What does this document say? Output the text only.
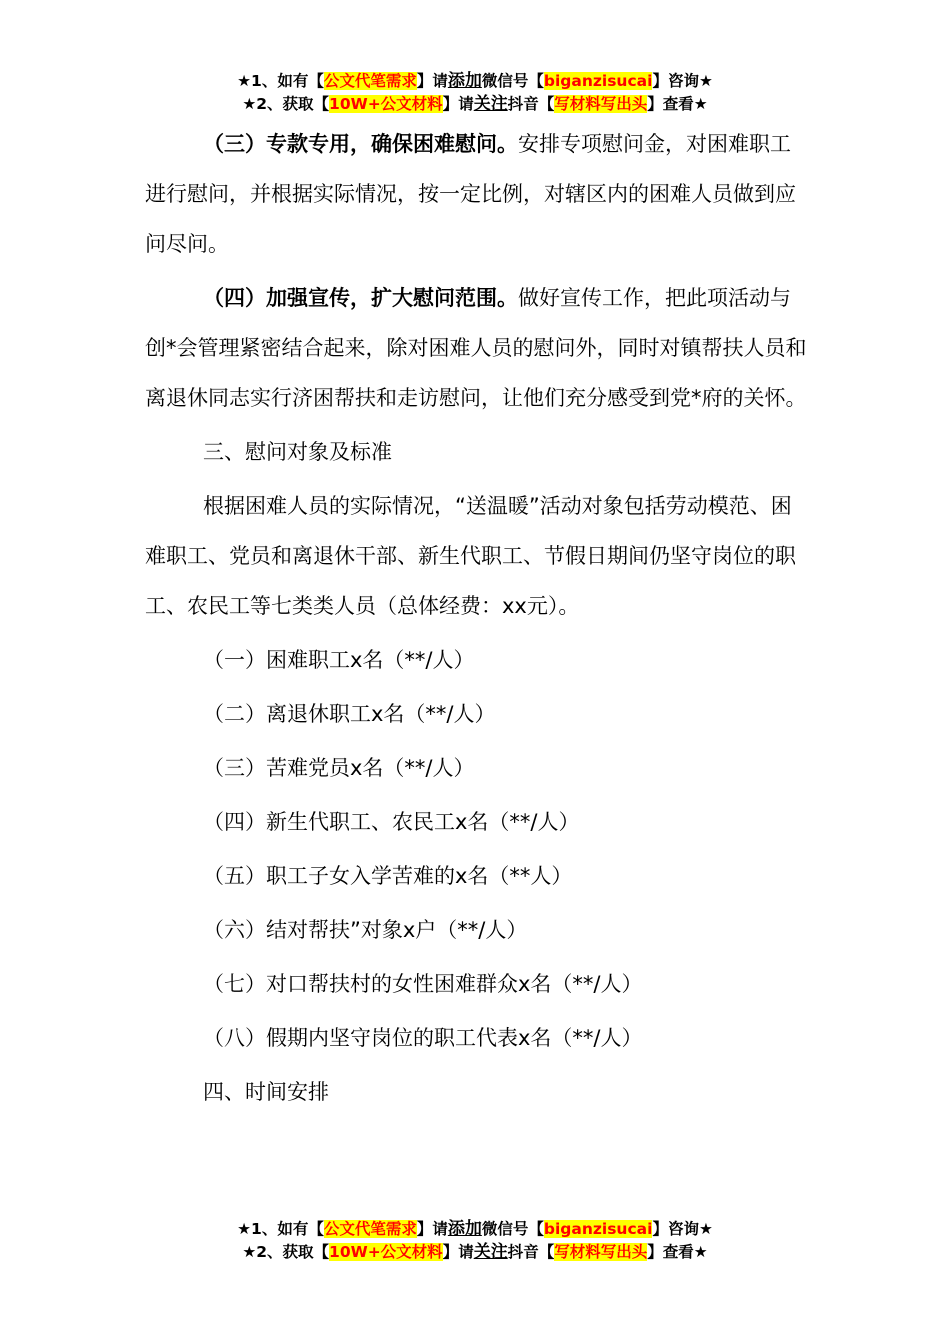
★1、如有【公文代笔需求】请添加微信号【biganzisucai】咨询★
★2、获取【10W+公文材料】请关注抖音【写材料写出头】查看★

（三）专款专用，确保困难慰问。安排专项慰问金，对困难职工进行慰问，并根据实际情况，按一定比例，对辖区内的困难人员做到应问尽问。

（四）加强宣传，扩大慰问范围。做好宣传工作，把此项活动与创*会管理紧密结合起来，除对困难人员的慰问外，同时对镇帮扶人员和离退休同志实行济困帮扶和走访慰问，让他们充分感受到党*府的关怀。

三、慰问对象及标准

根据困难人员的实际情况，“送温暖”活动对象包括劳动模范、困难职工、党员和离退休干部、新生代职工、节假日期间仍坚守岗位的职工、农民工等七类类人员（总体经费：xx元）。

（一）困难职工x名（**/人）

（二）离退休职工x名（**/人）

（三）苦难党员x名（**/人）

（四）新生代职工、农民工x名（**/人）

（五）职工子女入学苦难的x名（**人）

（六）结对帮扶”对象x户（**/人）

（七）对口帮扶村的女性困难群众x名（**/人）

（八）假期内坚守岗位的职工代表x名（**/人）

四、时间安排

★1、如有【公文代笔需求】请添加微信号【biganzisucai】咨询★
★2、获取【10W+公文材料】请关注抖音【写材料写出头】查看★
